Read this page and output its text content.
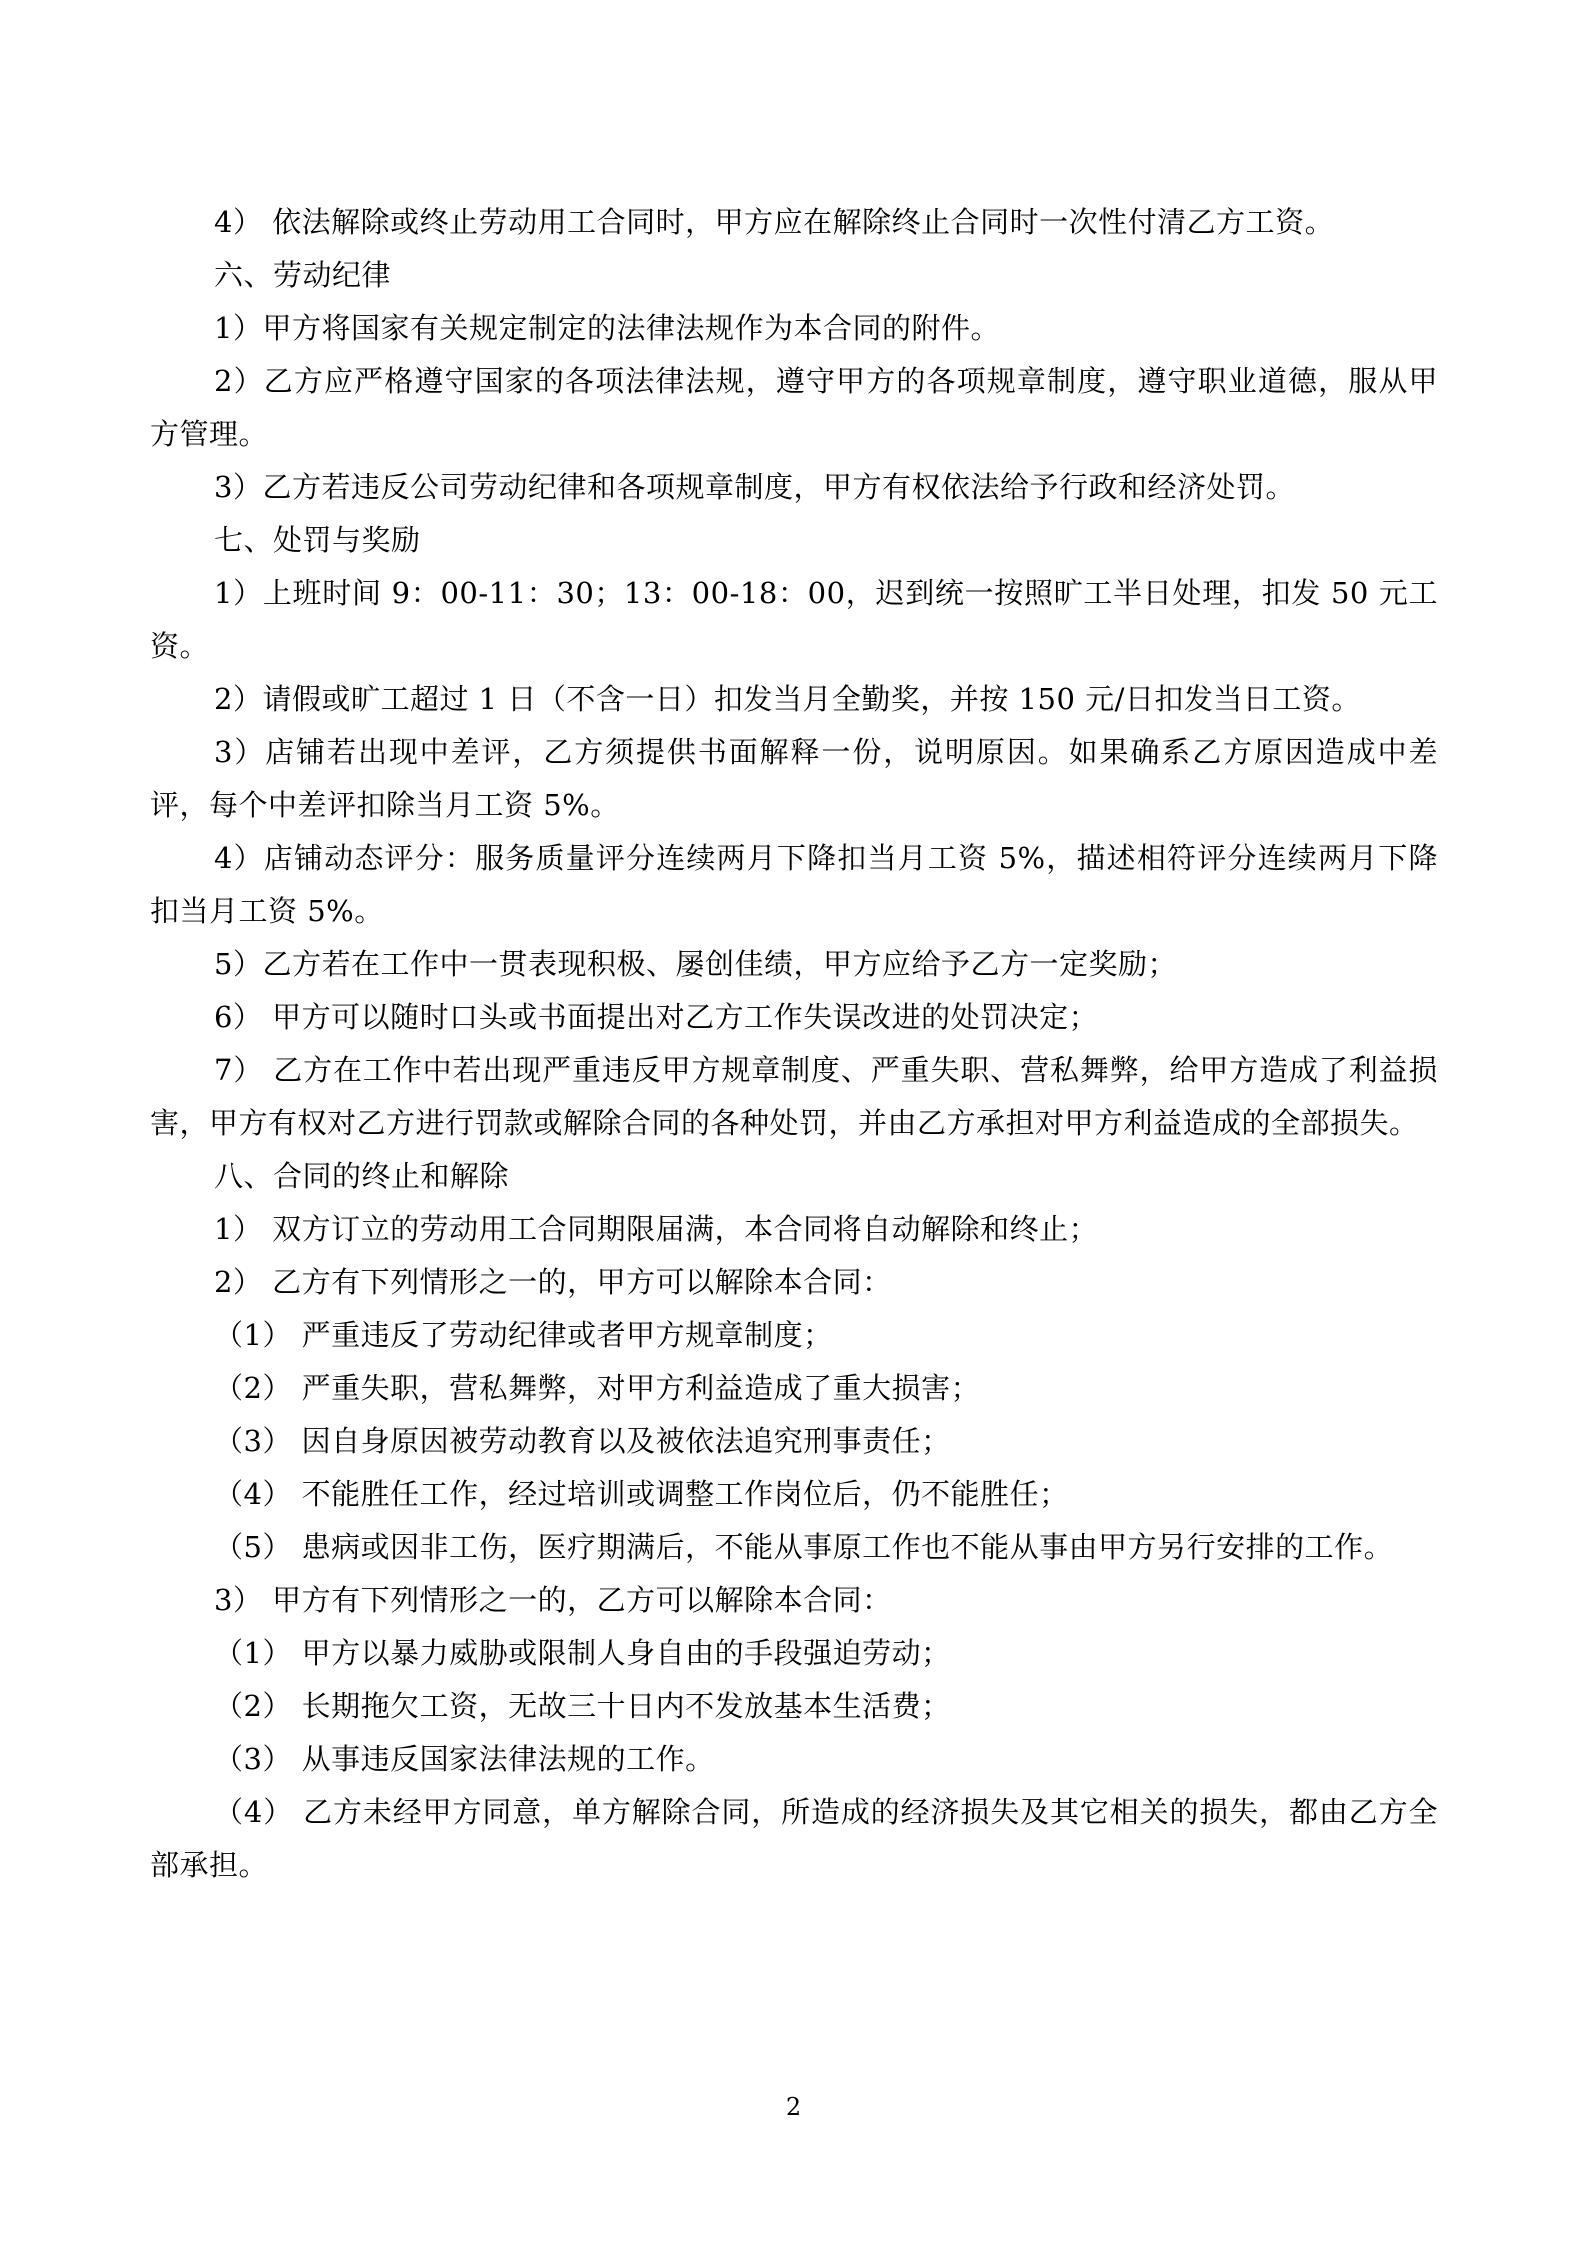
4） 依法解除或终止劳动用工合同时，甲方应在解除终止合同时一次性付清乙方工资。

六、劳动纪律

1）甲方将国家有关规定制定的法律法规作为本合同的附件。

2）乙方应严格遵守国家的各项法律法规，遵守甲方的各项规章制度，遵守职业道德，服从甲方管理。

3）乙方若违反公司劳动纪律和各项规章制度，甲方有权依法给予行政和经济处罚。

七、处罚与奖励

1）上班时间 9：00-11：30；13：00-18：00，迟到统一按照旷工半日处理，扣发 50 元工资。

2）请假或旷工超过 1 日（不含一日）扣发当月全勤奖，并按 150 元/日扣发当日工资。

3）店铺若出现中差评，乙方须提供书面解释一份，说明原因。如果确系乙方原因造成中差评，每个中差评扣除当月工资 5%。

4）店铺动态评分：服务质量评分连续两月下降扣当月工资 5%，描述相符评分连续两月下降扣当月工资 5%。

5）乙方若在工作中一贯表现积极、屡创佳绩，甲方应给予乙方一定奖励；

6） 甲方可以随时口头或书面提出对乙方工作失误改进的处罚决定；

7） 乙方在工作中若出现严重违反甲方规章制度、严重失职、营私舞弊，给甲方造成了利益损害，甲方有权对乙方进行罚款或解除合同的各种处罚，并由乙方承担对甲方利益造成的全部损失。

八、合同的终止和解除

1） 双方订立的劳动用工合同期限届满，本合同将自动解除和终止；

2） 乙方有下列情形之一的，甲方可以解除本合同：

（1） 严重违反了劳动纪律或者甲方规章制度；

（2） 严重失职，营私舞弊，对甲方利益造成了重大损害；

（3） 因自身原因被劳动教育以及被依法追究刑事责任；

（4） 不能胜任工作，经过培训或调整工作岗位后，仍不能胜任；

（5） 患病或因非工伤，医疗期满后，不能从事原工作也不能从事由甲方另行安排的工作。

3） 甲方有下列情形之一的，乙方可以解除本合同：

（1） 甲方以暴力威胁或限制人身自由的手段强迫劳动；

（2） 长期拖欠工资，无故三十日内不发放基本生活费；

（3） 从事违反国家法律法规的工作。

（4） 乙方未经甲方同意，单方解除合同，所造成的经济损失及其它相关的损失，都由乙方全部承担。

2
